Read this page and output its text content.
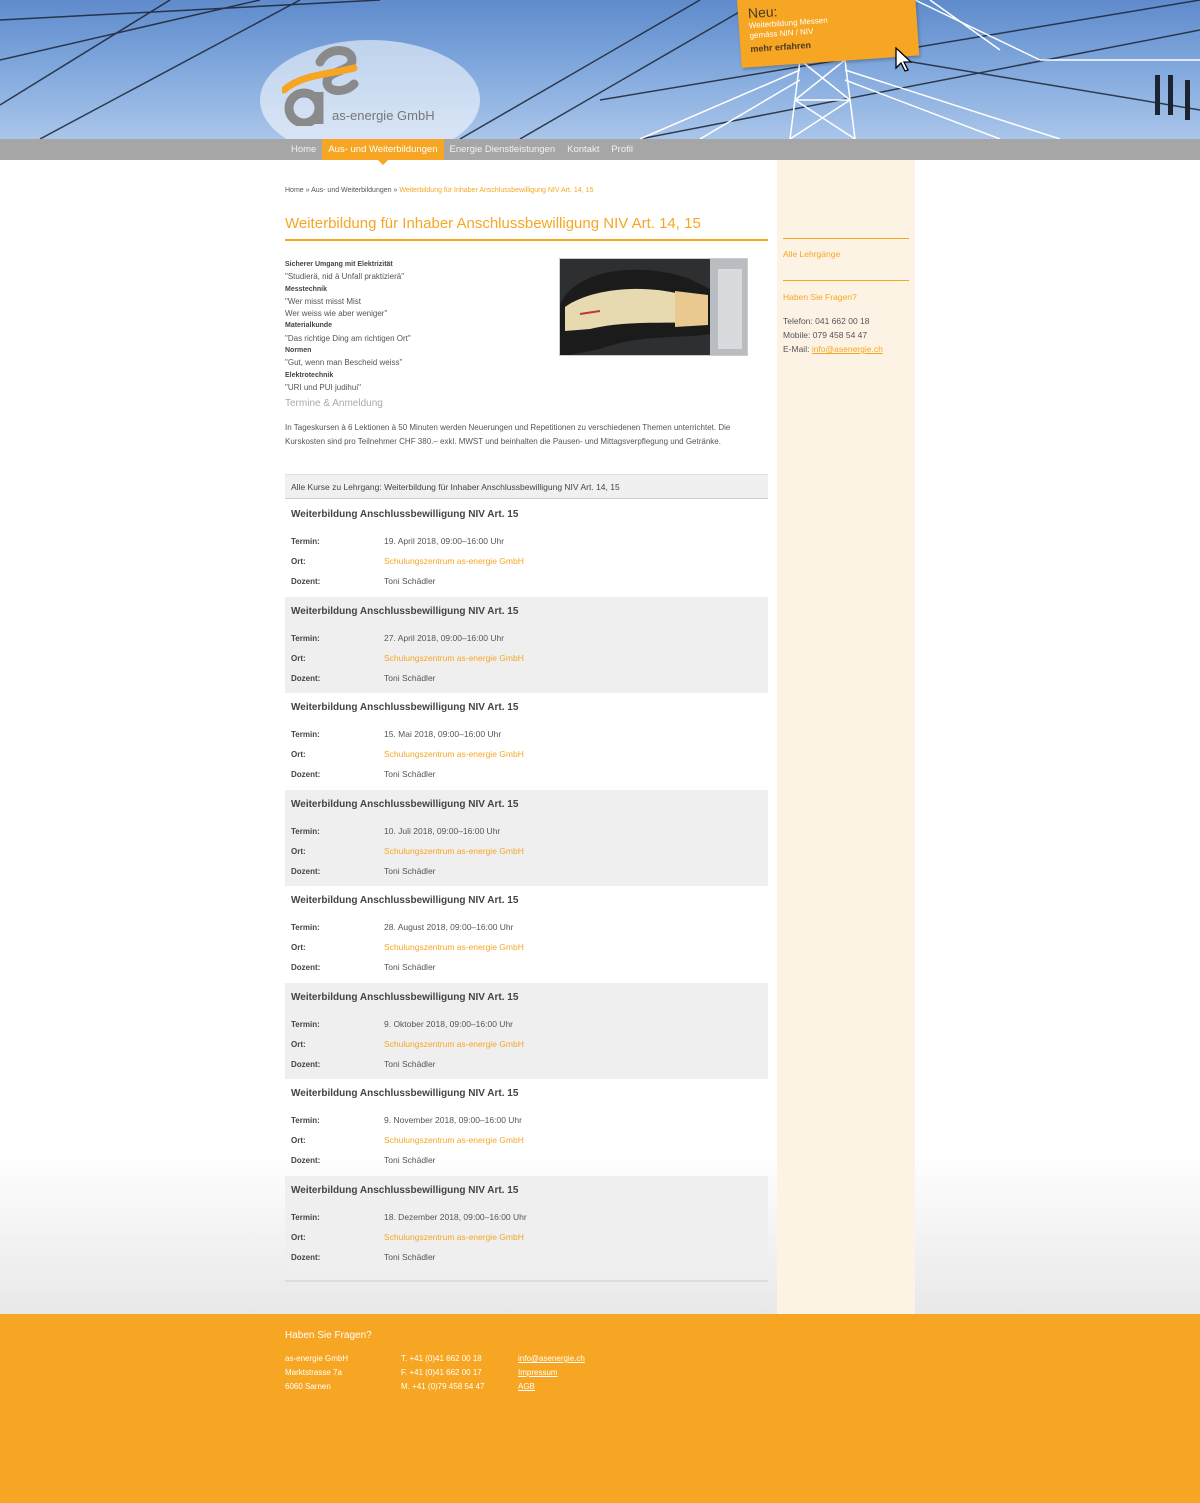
as-energie GmbH
Neu:
Weiterbildung Messen
gemäss NIN / NIV
mehr erfahren
Home	Aus- und Weiterbildungen	Energie Dienstleistungen	Kontakt	Profil
Alle Lehrgänge
Haben Sie Fragen?
Telefon: 041 662 00 18
Mobile: 079 458 54 47
E-Mail: info@asenergie.ch
Home » Aus- und Weiterbildungen » Weiterbildung für Inhaber Anschlussbewilligung NIV Art. 14, 15
Weiterbildung für Inhaber Anschlussbewilligung NIV Art. 14, 15
Sicherer Umgang mit Elektrizität
"Studierä, nid ä Unfall praktizierä"
Messtechnik
"Wer misst misst Mist
Wer weiss wie aber weniger"
Materialkunde
"Das richtige Ding am richtigen Ort"
Normen
"Gut, wenn man Bescheid weiss"
Elektrotechnik
"URI und PUI judihui"
Termine & Anmeldung
In Tageskursen à 6 Lektionen à 50 Minuten werden Neuerungen und Repetitionen zu verschiedenen Themen unterrichtet. Die Kurskosten sind pro Teilnehmer CHF 380.– exkl. MWST und beinhalten die Pausen- und Mittagsverpflegung und Getränke.
Alle Kurse zu Lehrgang: Weiterbildung für Inhaber Anschlussbewilligung NIV Art. 14, 15
Weiterbildung Anschlussbewilligung NIV Art. 15
Termin:	19. April 2018, 09:00–16:00 Uhr
Ort:	Schulungszentrum as-energie GmbH
Dozent:	Toni Schädler
Weiterbildung Anschlussbewilligung NIV Art. 15
Termin:	27. April 2018, 09:00–16:00 Uhr
Ort:	Schulungszentrum as-energie GmbH
Dozent:	Toni Schädler
Weiterbildung Anschlussbewilligung NIV Art. 15
Termin:	15. Mai 2018, 09:00–16:00 Uhr
Ort:	Schulungszentrum as-energie GmbH
Dozent:	Toni Schädler
Weiterbildung Anschlussbewilligung NIV Art. 15
Termin:	10. Juli 2018, 09:00–16:00 Uhr
Ort:	Schulungszentrum as-energie GmbH
Dozent:	Toni Schädler
Weiterbildung Anschlussbewilligung NIV Art. 15
Termin:	28. August 2018, 09:00–16:00 Uhr
Ort:	Schulungszentrum as-energie GmbH
Dozent:	Toni Schädler
Weiterbildung Anschlussbewilligung NIV Art. 15
Termin:	9. Oktober 2018, 09:00–16:00 Uhr
Ort:	Schulungszentrum as-energie GmbH
Dozent:	Toni Schädler
Weiterbildung Anschlussbewilligung NIV Art. 15
Termin:	9. November 2018, 09:00–16:00 Uhr
Ort:	Schulungszentrum as-energie GmbH
Dozent:	Toni Schädler
Weiterbildung Anschlussbewilligung NIV Art. 15
Termin:	18. Dezember 2018, 09:00–16:00 Uhr
Ort:	Schulungszentrum as-energie GmbH
Dozent:	Toni Schädler
Haben Sie Fragen?
as-energie GmbH
Marktstrasse 7a
6060 Sarnen
T. +41 (0)41 662 00 18
F. +41 (0)41 662 00 17
M. +41 (0)79 458 54 47
info@asenergie.ch
Impressum
AGB
